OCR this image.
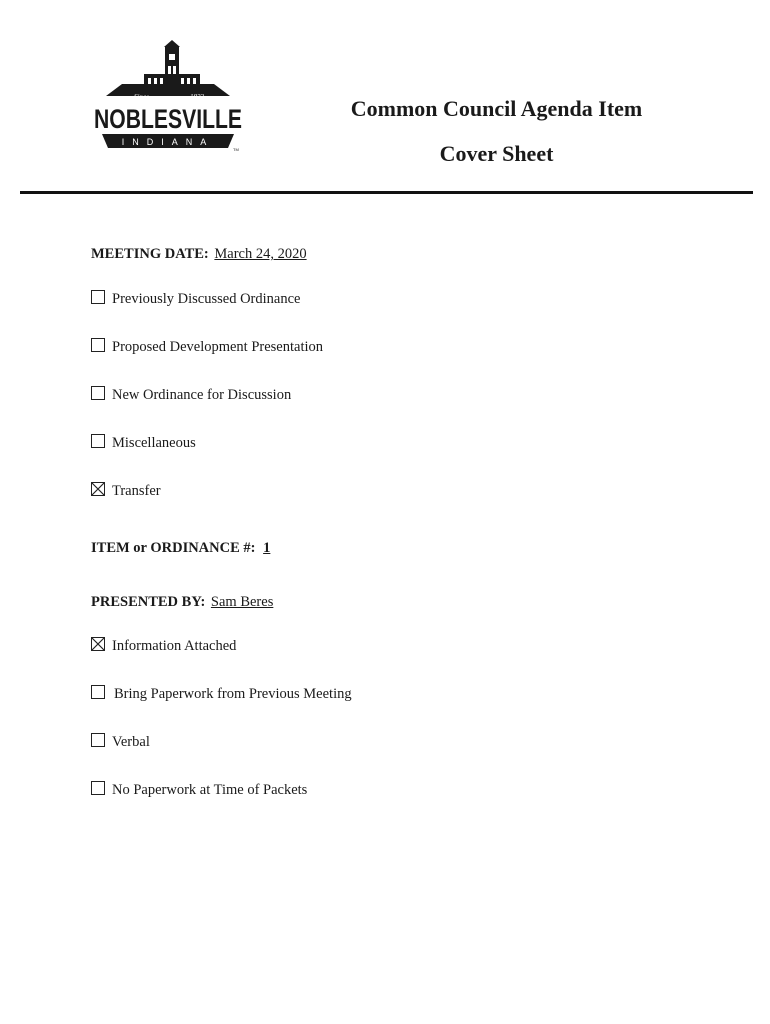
Since	1823
NOBLESVILLE
INDIANA
TM
Common Council Agenda Item
Cover Sheet
MEETING DATE: March 24, 2020
Previously Discussed Ordinance
Proposed Development Presentation
New Ordinance for Discussion
Miscellaneous
Transfer
ITEM or ORDINANCE #: 1
PRESENTED BY: Sam Beres
Information Attached
Bring Paperwork from Previous Meeting
Verbal
No Paperwork at Time of Packets
